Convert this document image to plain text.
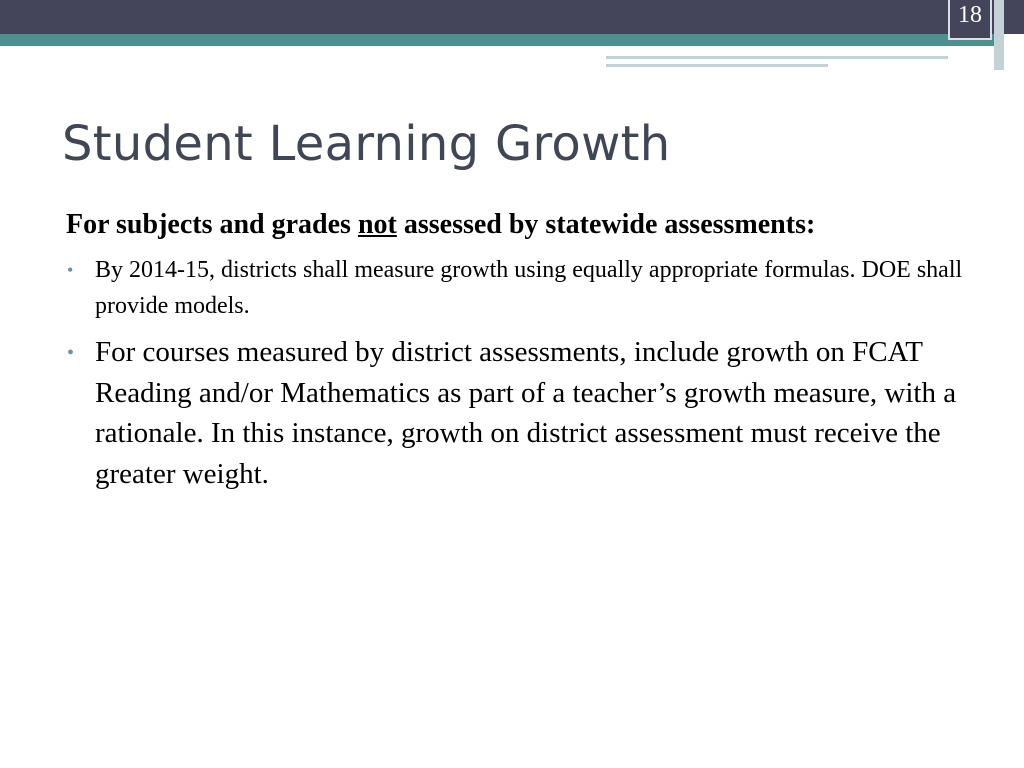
18
Student Learning Growth

For subjects and grades not assessed by statewide assessments:

• By 2014-15, districts shall measure growth using equally appropriate formulas. DOE shall provide models.
• For courses measured by district assessments, include growth on FCAT Reading and/or Mathematics as part of a teacher’s growth measure, with a rationale. In this instance, growth on district assessment must receive the greater weight.
